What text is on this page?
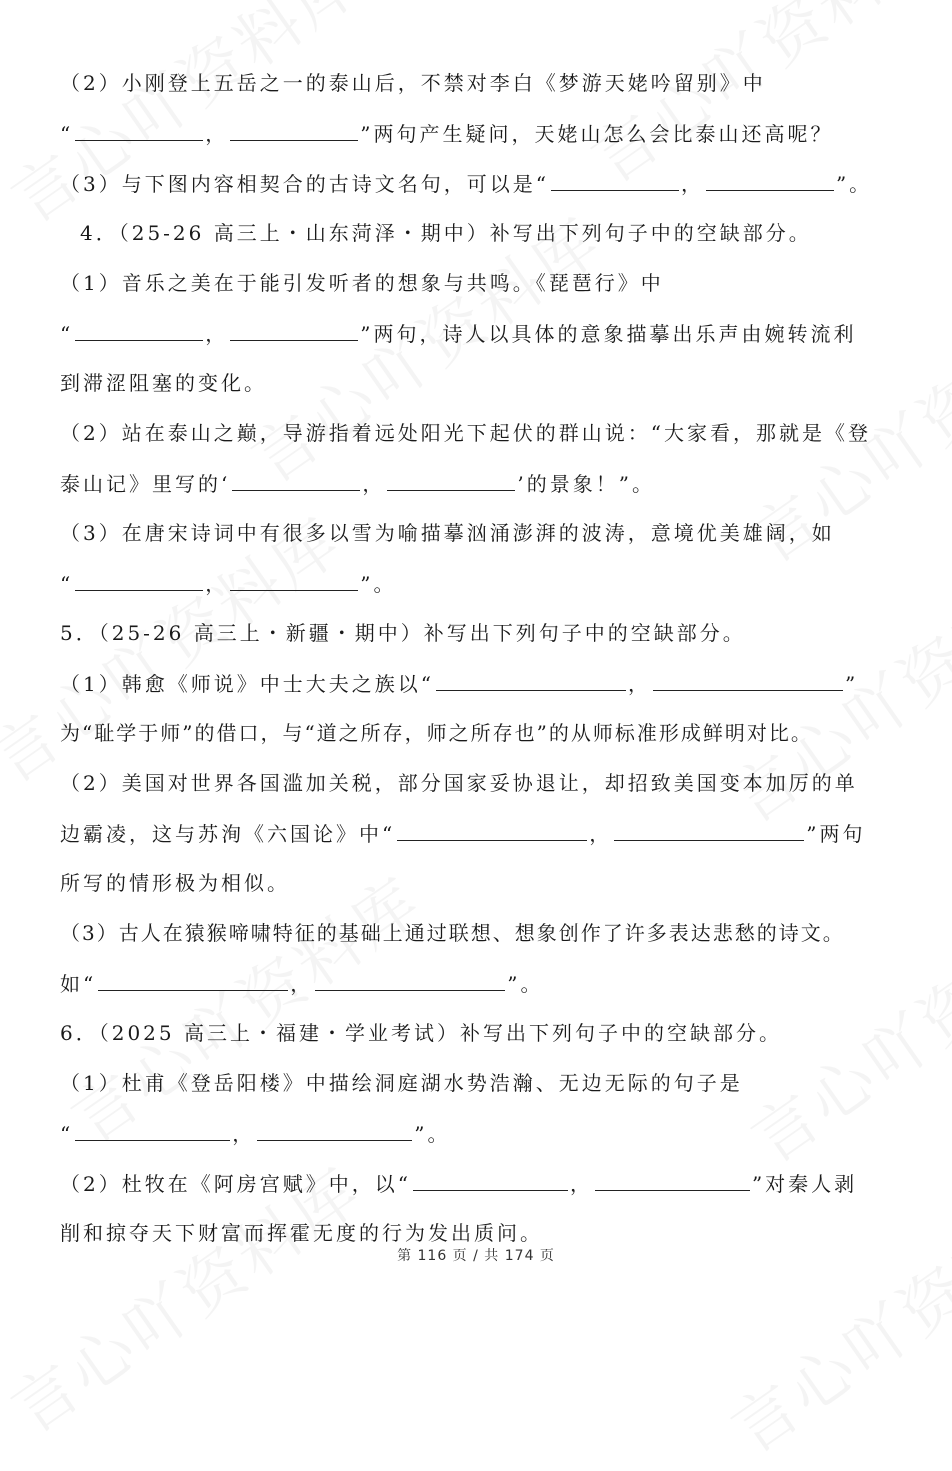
（2）小刚登上五岳之一的泰山后，不禁对李白《梦游天姥吟留别》中
“	，	”两句产生疑问，天姥山怎么会比泰山还高呢？
（3）与下图内容相契合的古诗文名句，可以是“	，	”。
4．（25-26 高三上・山东菏泽・期中）补写出下列句子中的空缺部分。
（1）音乐之美在于能引发听者的想象与共鸣。《琵琶行》中
“	，	”两句，诗人以具体的意象描摹出乐声由婉转流利
到滞涩阻塞的变化。
（2）站在泰山之巅，导游指着远处阳光下起伏的群山说：“大家看，那就是《登
泰山记》里写的‘	，	’的景象！”。
（3）在唐宋诗词中有很多以雪为喻描摹汹涌澎湃的波涛，意境优美雄阔，如
“	，	”。
5．（25-26 高三上・新疆・期中）补写出下列句子中的空缺部分。
（1）韩愈《师说》中士大夫之族以“	，	”
为“耻学于师”的借口，与“道之所存，师之所存也”的从师标准形成鲜明对比。
（2）美国对世界各国滥加关税，部分国家妥协退让，却招致美国变本加厉的单
边霸凌，这与苏洵《六国论》中“	，	”两句
所写的情形极为相似。
（3）古人在猿猴啼啸特征的基础上通过联想、想象创作了许多表达悲愁的诗文。
如“	，	”。
6．（2025 高三上・福建・学业考试）补写出下列句子中的空缺部分。
（1）杜甫《登岳阳楼》中描绘洞庭湖水势浩瀚、无边无际的句子是
“	，	”。
（2）杜牧在《阿房宫赋》中，以“	，	”对秦人剥
削和掠夺天下财富而挥霍无度的行为发出质问。
第 116 页 / 共 174 页
